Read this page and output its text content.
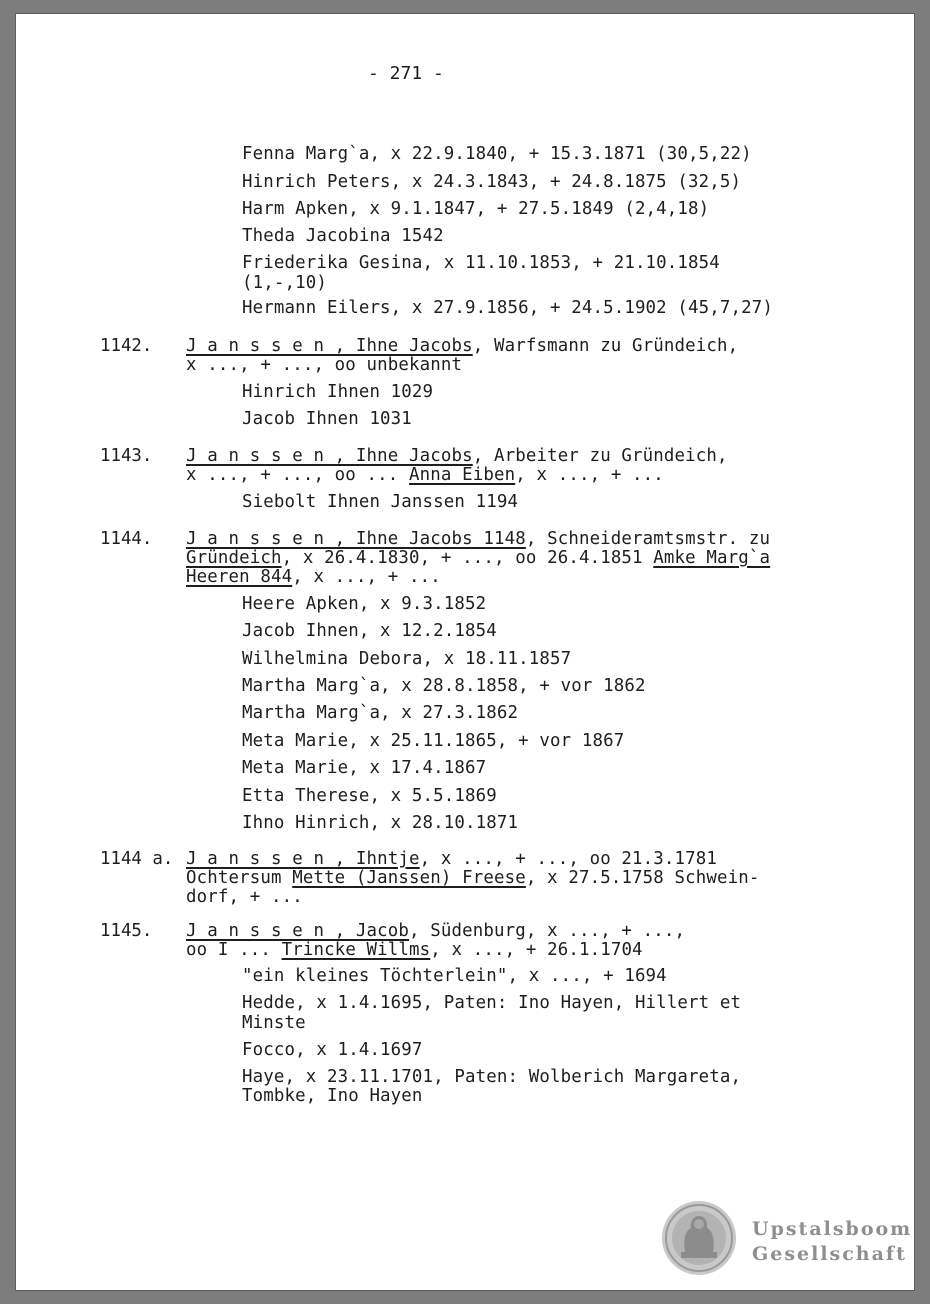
- 271 -
Fenna Marg`a, x 22.9.1840, + 15.3.1871 (30,5,22)
Hinrich Peters, x 24.3.1843, + 24.8.1875 (32,5)
Harm Apken, x 9.1.1847, + 27.5.1849 (2,4,18)
Theda Jacobina 1542
Friederika Gesina, x 11.10.1853, + 21.10.1854
(1,-,10)
Hermann Eilers, x 27.9.1856, + 24.5.1902 (45,7,27)
1142. J a n s s e n , Ihne Jacobs, Warfsmann zu Gründeich,
x ..., + ..., oo unbekannt
Hinrich Ihnen 1029
Jacob Ihnen 1031
1143. J a n s s e n , Ihne Jacobs, Arbeiter zu Gründeich,
x ..., + ..., oo ... Anna Eiben, x ..., + ...
Siebolt Ihnen Janssen 1194
1144. J a n s s e n , Ihne Jacobs 1148, Schneideramtsmstr. zu
Gründeich, x 26.4.1830, + ..., oo 26.4.1851 Amke Marg`a
Heeren 844, x ..., + ...
Heere Apken, x 9.3.1852
Jacob Ihnen, x 12.2.1854
Wilhelmina Debora, x 18.11.1857
Martha Marg`a, x 28.8.1858, + vor 1862
Martha Marg`a, x 27.3.1862
Meta Marie, x 25.11.1865, + vor 1867
Meta Marie, x 17.4.1867
Etta Therese, x 5.5.1869
Ihno Hinrich, x 28.10.1871
1144 a. J a n s s e n , Ihntje, x ..., + ..., oo 21.3.1781
Ochtersum Mette (Janssen) Freese, x 27.5.1758 Schwein-
dorf, + ...
1145. J a n s s e n , Jacob, Südenburg, x ..., + ...,
oo I ... Trincke Willms, x ..., + 26.1.1704
"ein kleines Töchterlein", x ..., + 1694
Hedde, x 1.4.1695, Paten: Ino Hayen, Hillert et
Minste
Focco, x 1.4.1697
Haye, x 23.11.1701, Paten: Wolberich Margareta,
Tombke, Ino Hayen
Upstalsboom
Gesellschaft
